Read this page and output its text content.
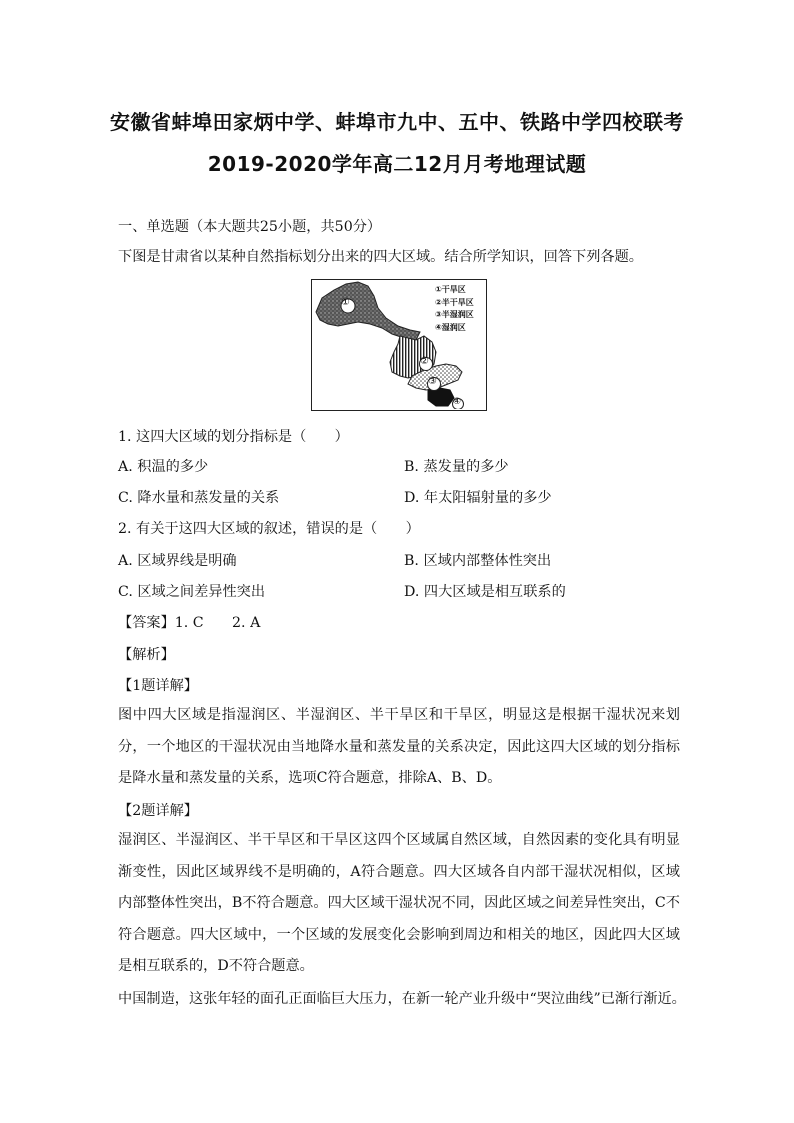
安徽省蚌埠田家炳中学、蚌埠市九中、五中、铁路中学四校联考
2019-2020学年高二12月月考地理试题
一、单选题（本大题共25小题，共50分）
下图是甘肃省以某种自然指标划分出来的四大区域。结合所学知识，回答下列各题。
①
②
③
④
①干旱区
②半干旱区
③半湿润区
④湿润区
1. 这四大区域的划分指标是（　　）
A. 积温的多少	B. 蒸发量的多少
C. 降水量和蒸发量的关系	D. 年太阳辐射量的多少
2. 有关于这四大区域的叙述，错误的是（　　）
A. 区域界线是明确	B. 区域内部整体性突出
C. 区域之间差异性突出	D. 四大区域是相互联系的
【答案】1. C　　2. A
【解析】
【1题详解】
图中四大区域是指湿润区、半湿润区、半干旱区和干旱区，明显这是根据干湿状况来划分，一个地区的干湿状况由当地降水量和蒸发量的关系决定，因此这四大区域的划分指标是降水量和蒸发量的关系，选项C符合题意，排除A、B、D。
【2题详解】
湿润区、半湿润区、半干旱区和干旱区这四个区域属自然区域，自然因素的变化具有明显渐变性，因此区域界线不是明确的，A符合题意。四大区域各自内部干湿状况相似，区域内部整体性突出，B不符合题意。四大区域干湿状况不同，因此区域之间差异性突出，C不符合题意。四大区域中，一个区域的发展变化会影响到周边和相关的地区，因此四大区域是相互联系的，D不符合题意。
中国制造，这张年轻的面孔正面临巨大压力，在新一轮产业升级中“哭泣曲线”已渐行渐近。
